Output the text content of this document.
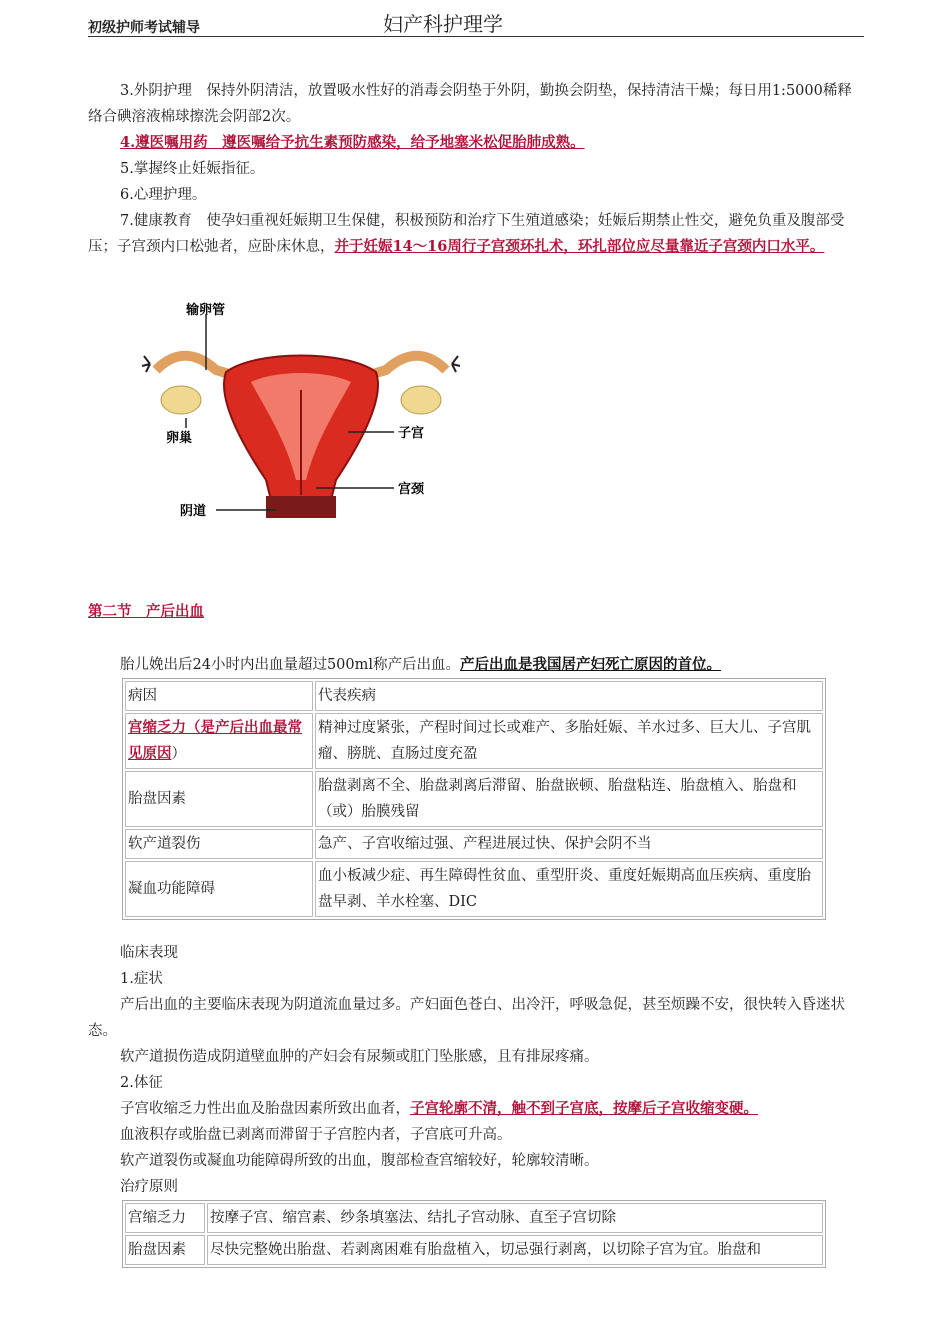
初级护师考试辅导	妇产科护理学

3.外阴护理　保持外阴清洁，放置吸水性好的消毒会阴垫于外阴，勤换会阴垫，保持清洁干燥；每日用1:5000稀释络合碘溶液棉球擦洗会阴部2次。

4.遵医嘱用药　遵医嘱给予抗生素预防感染，给予地塞米松促胎肺成熟。

5.掌握终止妊娠指征。

6.心理护理。

7.健康教育　使孕妇重视妊娠期卫生保健，积极预防和治疗下生殖道感染；妊娠后期禁止性交，避免负重及腹部受压；子宫颈内口松弛者，应卧床休息，并于妊娠14～16周行子宫颈环扎术，环扎部位应尽量靠近子宫颈内口水平。

输卵管
卵巢	子宫
宫颈
阴道
第二节　产后出血

胎儿娩出后24小时内出血量超过500ml称产后出血。产后出血是我国居产妇死亡原因的首位。

病因	代表疾病
宫缩乏力（是产后出血最常见原因）	精神过度紧张，产程时间过长或难产、多胎妊娠、羊水过多、巨大儿、子宫肌瘤、膀胱、直肠过度充盈
胎盘因素	胎盘剥离不全、胎盘剥离后滞留、胎盘嵌顿、胎盘粘连、胎盘植入、胎盘和（或）胎膜残留
软产道裂伤	急产、子宫收缩过强、产程进展过快、保护会阴不当
凝血功能障碍	血小板减少症、再生障碍性贫血、重型肝炎、重度妊娠期高血压疾病、重度胎盘早剥、羊水栓塞、DIC

临床表现

1.症状

产后出血的主要临床表现为阴道流血量过多。产妇面色苍白、出冷汗，呼吸急促，甚至烦躁不安，很快转入昏迷状态。

软产道损伤造成阴道壁血肿的产妇会有尿频或肛门坠胀感，且有排尿疼痛。

2.体征

子宫收缩乏力性出血及胎盘因素所致出血者，子宫轮廓不清，触不到子宫底，按摩后子宫收缩变硬。

血液积存或胎盘已剥离而滞留于子宫腔内者，子宫底可升高。

软产道裂伤或凝血功能障碍所致的出血，腹部检查宫缩较好，轮廓较清晰。

治疗原则

宫缩乏力	按摩子宫、缩宫素、纱条填塞法、结扎子宫动脉、直至子宫切除
胎盘因素	尽快完整娩出胎盘、若剥离困难有胎盘植入，切忌强行剥离，以切除子宫为宜。胎盘和
